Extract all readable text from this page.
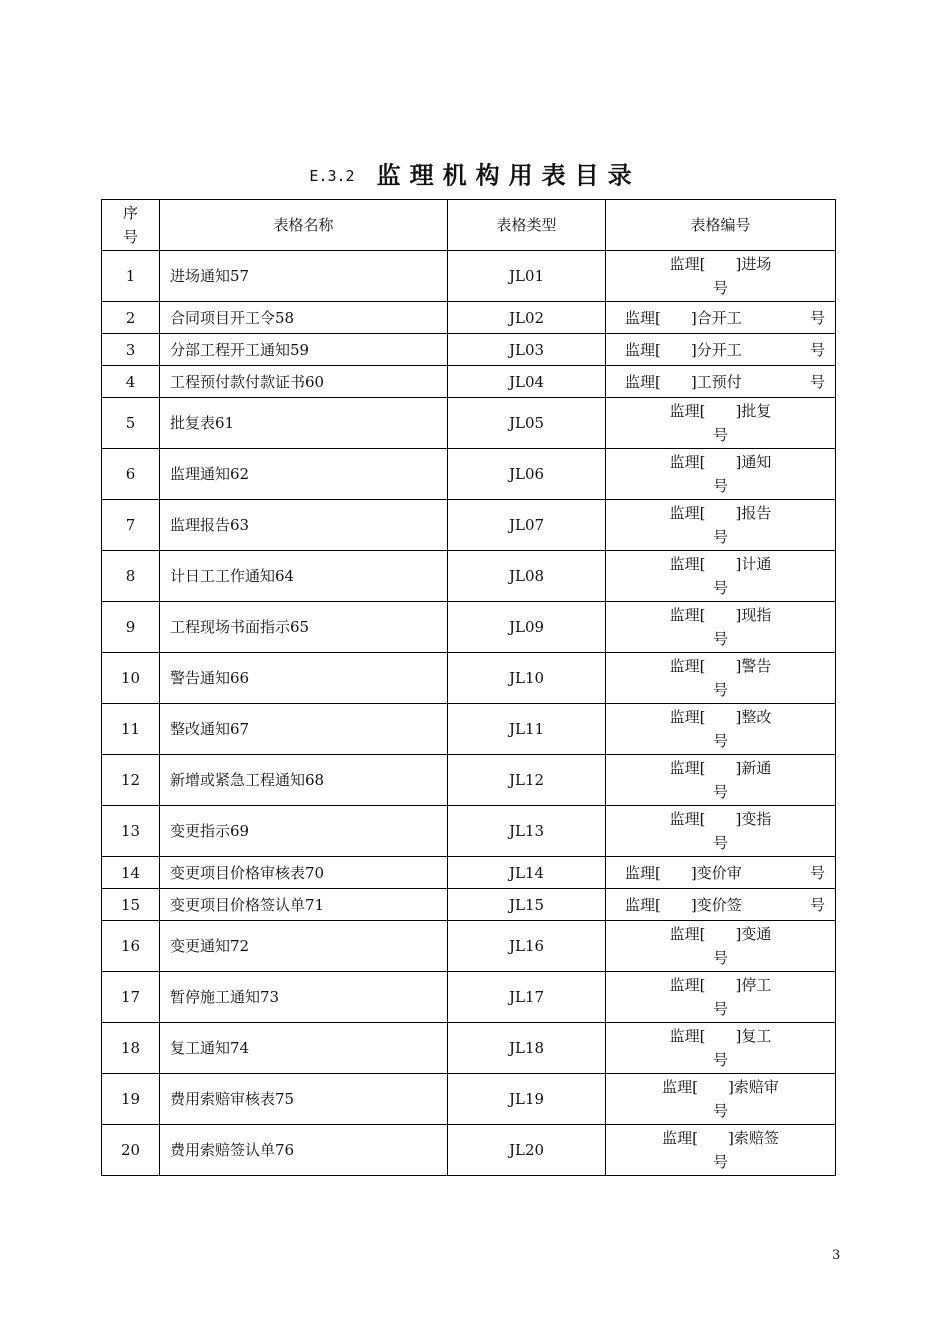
E.3.2 监理机构用表目录
序号	表格名称	表格类型	表格编号
1	进场通知57	JL01	监理[　　]进场
号

2	合同项目开工令58	JL02	监理[　　]合开工 号

3	分部工程开工通知59	JL03	监理[　　]分开工 号

4	工程预付款付款证书60	JL04	监理[　　]工预付 号

5	批复表61	JL05	监理[　　]批复
号

6	监理通知62	JL06	监理[　　]通知
号

7	监理报告63	JL07	监理[　　]报告
号

8	计日工工作通知64	JL08	监理[　　]计通
号

9	工程现场书面指示65	JL09	监理[　　]现指
号

10	警告通知66	JL10	监理[　　]警告
号

11	整改通知67	JL11	监理[　　]整改
号

12	新增或紧急工程通知68	JL12	监理[　　]新通
号

13	变更指示69	JL13	监理[　　]变指
号

14	变更项目价格审核表70	JL14	监理[　　]变价审 号

15	变更项目价格签认单71	JL15	监理[　　]变价签 号

16	变更通知72	JL16	监理[　　]变通
号

17	暂停施工通知73	JL17	监理[　　]停工
号

18	复工通知74	JL18	监理[　　]复工
号

19	费用索赔审核表75	JL19	监理[　　]索赔审
号

20	费用索赔签认单76	JL20	监理[　　]索赔签
号
3
